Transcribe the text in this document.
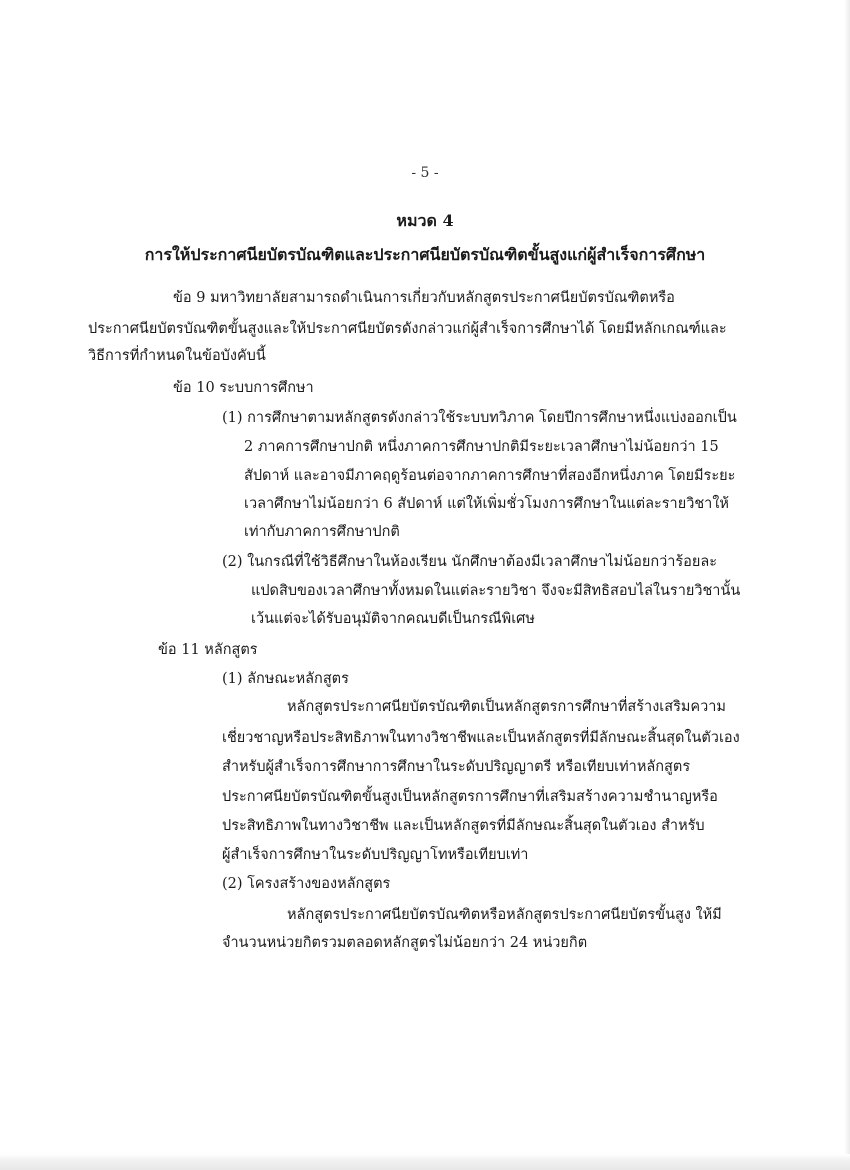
- 5 -
หมวด 4
การให้ประกาศนียบัตรบัณฑิตและประกาศนียบัตรบัณฑิตขั้นสูงแก่ผู้สำเร็จการศึกษา
ข้อ 9 มหาวิทยาลัยสามารถดำเนินการเกี่ยวกับหลักสูตรประกาศนียบัตรบัณฑิตหรือ
ประกาศนียบัตรบัณฑิตขั้นสูงและให้ประกาศนียบัตรดังกล่าวแก่ผู้สำเร็จการศึกษาได้ โดยมีหลักเกณฑ์และ
วิธีการที่กำหนดในข้อบังคับนี้
ข้อ 10 ระบบการศึกษา
(1) การศึกษาตามหลักสูตรดังกล่าวใช้ระบบทวิภาค โดยปีการศึกษาหนึ่งแบ่งออกเป็น
2 ภาคการศึกษาปกติ หนึ่งภาคการศึกษาปกติมีระยะเวลาศึกษาไม่น้อยกว่า 15
สัปดาห์ และอาจมีภาคฤดูร้อนต่อจากภาคการศึกษาที่สองอีกหนึ่งภาค โดยมีระยะ
เวลาศึกษาไม่น้อยกว่า 6 สัปดาห์ แต่ให้เพิ่มชั่วโมงการศึกษาในแต่ละรายวิชาให้
เท่ากับภาคการศึกษาปกติ
(2) ในกรณีที่ใช้วิธีศึกษาในห้องเรียน นักศึกษาต้องมีเวลาศึกษาไม่น้อยกว่าร้อยละ
แปดสิบของเวลาศึกษาทั้งหมดในแต่ละรายวิชา จึงจะมีสิทธิสอบไล่ในรายวิชานั้น
เว้นแต่จะได้รับอนุมัติจากคณบดีเป็นกรณีพิเศษ
ข้อ 11 หลักสูตร
(1) ลักษณะหลักสูตร
หลักสูตรประกาศนียบัตรบัณฑิตเป็นหลักสูตรการศึกษาที่สร้างเสริมความ
เชี่ยวชาญหรือประสิทธิภาพในทางวิชาชีพและเป็นหลักสูตรที่มีลักษณะสิ้นสุดในตัวเอง
สำหรับผู้สำเร็จการศึกษาการศึกษาในระดับปริญญาตรี หรือเทียบเท่าหลักสูตร
ประกาศนียบัตรบัณฑิตขั้นสูงเป็นหลักสูตรการศึกษาที่เสริมสร้างความชำนาญหรือ
ประสิทธิภาพในทางวิชาชีพ และเป็นหลักสูตรที่มีลักษณะสิ้นสุดในตัวเอง สำหรับ
ผู้สำเร็จการศึกษาในระดับปริญญาโทหรือเทียบเท่า
(2) โครงสร้างของหลักสูตร
หลักสูตรประกาศนียบัตรบัณฑิตหรือหลักสูตรประกาศนียบัตรขั้นสูง ให้มี
จำนวนหน่วยกิตรวมตลอดหลักสูตรไม่น้อยกว่า 24 หน่วยกิต
